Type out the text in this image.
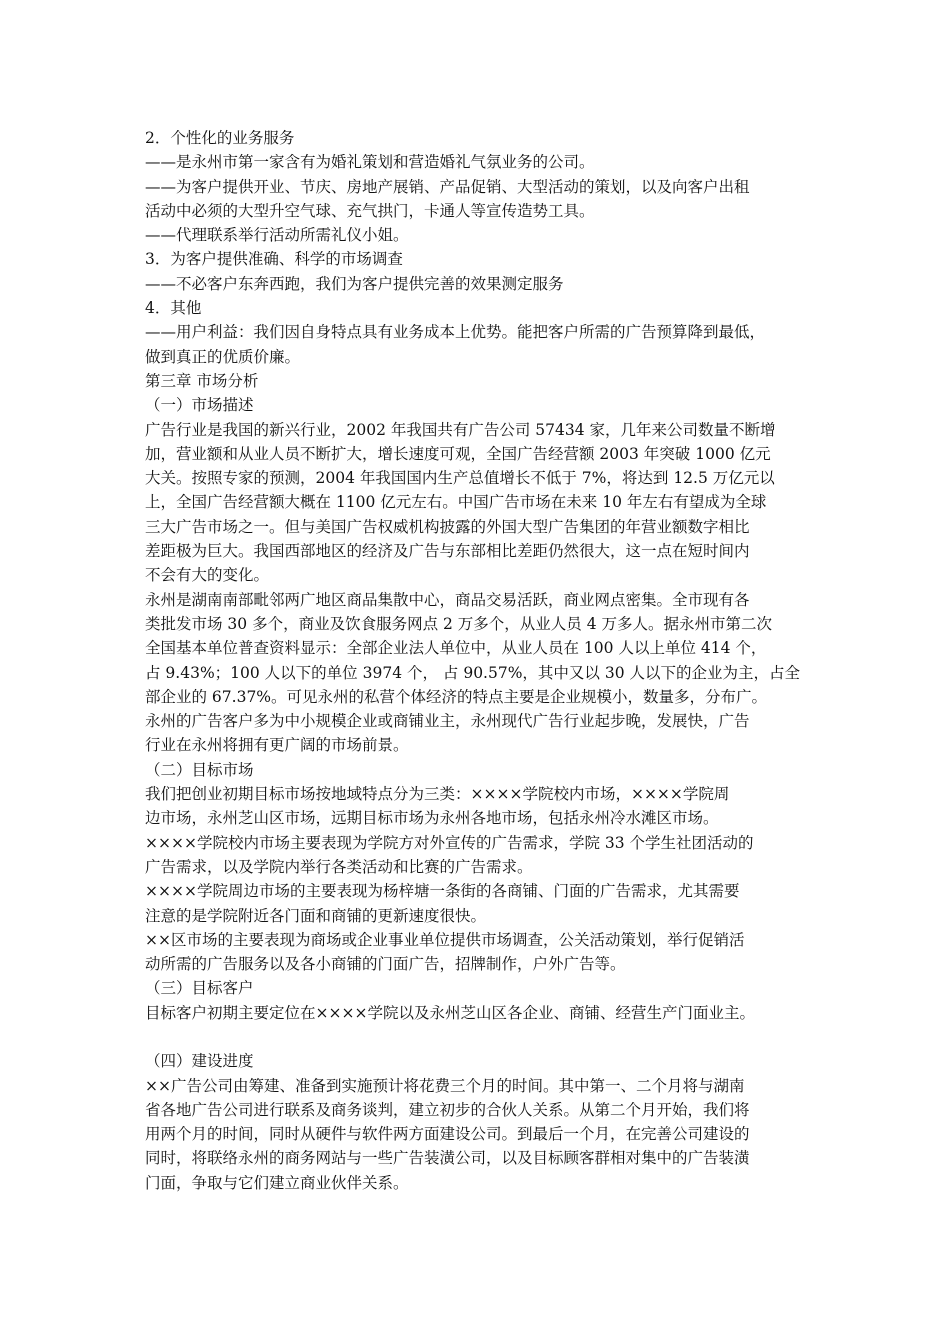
2．个性化的业务服务
——是永州市第一家含有为婚礼策划和营造婚礼气氛业务的公司。
——为客户提供开业、节庆、房地产展销、产品促销、大型活动的策划，以及向客户出租
活动中必须的大型升空气球、充气拱门，卡通人等宣传造势工具。
——代理联系举行活动所需礼仪小姐。
3．为客户提供准确、科学的市场调查
——不必客户东奔西跑，我们为客户提供完善的效果测定服务
4．其他
——用户利益：我们因自身特点具有业务成本上优势。能把客户所需的广告预算降到最低，
做到真正的优质价廉。
第三章 市场分析
（一）市场描述
广告行业是我国的新兴行业，2002 年我国共有广告公司 57434 家，几年来公司数量不断增
加，营业额和从业人员不断扩大，增长速度可观，全国广告经营额 2003 年突破 1000 亿元
大关。按照专家的预测，2004 年我国国内生产总值增长不低于 7%，将达到 12.5 万亿元以
上，全国广告经营额大概在 1100 亿元左右。中国广告市场在未来 10 年左右有望成为全球
三大广告市场之一。但与美国广告权威机构披露的外国大型广告集团的年营业额数字相比
差距极为巨大。我国西部地区的经济及广告与东部相比差距仍然很大，这一点在短时间内
不会有大的变化。
永州是湖南南部毗邻两广地区商品集散中心，商品交易活跃，商业网点密集。全市现有各
类批发市场 30 多个，商业及饮食服务网点 2 万多个，从业人员 4 万多人。据永州市第二次
全国基本单位普查资料显示：全部企业法人单位中，从业人员在 100 人以上单位 414 个，
占 9.43%；100 人以下的单位 3974 个， 占 90.57%，其中又以 30 人以下的企业为主，占全
部企业的 67.37%。可见永州的私营个体经济的特点主要是企业规模小，数量多，分布广。
永州的广告客户多为中小规模企业或商铺业主，永州现代广告行业起步晚，发展快，广告
行业在永州将拥有更广阔的市场前景。
（二）目标市场
我们把创业初期目标市场按地域特点分为三类：××××学院校内市场，××××学院周
边市场，永州芝山区市场，远期目标市场为永州各地市场，包括永州冷水滩区市场。
××××学院校内市场主要表现为学院方对外宣传的广告需求，学院 33 个学生社团活动的
广告需求，以及学院内举行各类活动和比赛的广告需求。
××××学院周边市场的主要表现为杨梓塘一条街的各商铺、门面的广告需求，尤其需要
注意的是学院附近各门面和商铺的更新速度很快。
××区市场的主要表现为商场或企业事业单位提供市场调查，公关活动策划，举行促销活
动所需的广告服务以及各小商铺的门面广告，招牌制作，户外广告等。
（三）目标客户
目标客户初期主要定位在××××学院以及永州芝山区各企业、商铺、经营生产门面业主。
（四）建设进度
××广告公司由筹建、准备到实施预计将花费三个月的时间。其中第一、二个月将与湖南
省各地广告公司进行联系及商务谈判，建立初步的合伙人关系。从第二个月开始，我们将
用两个月的时间，同时从硬件与软件两方面建设公司。到最后一个月，在完善公司建设的
同时，将联络永州的商务网站与一些广告装潢公司，以及目标顾客群相对集中的广告装潢
门面，争取与它们建立商业伙伴关系。
